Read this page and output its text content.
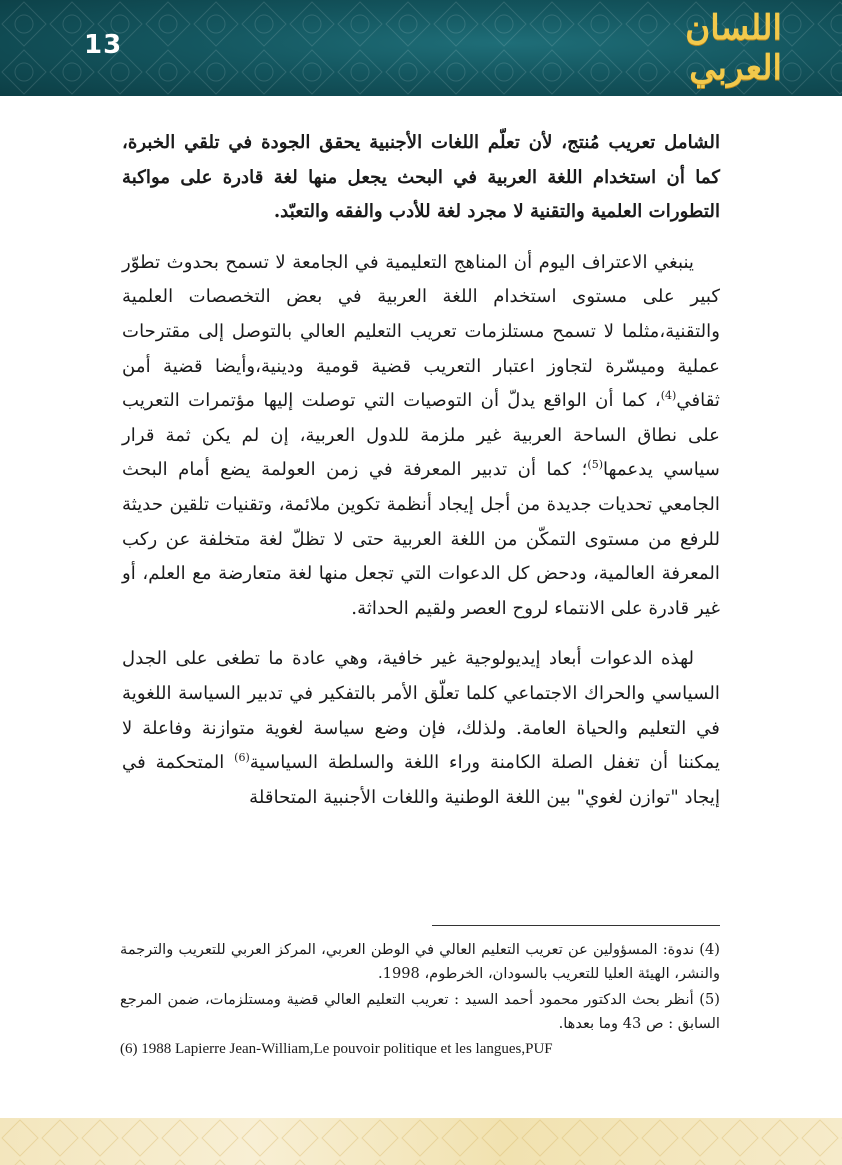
13	اللسان العربي

الشامل تعريب مُنتج، لأن تعلّم اللغات الأجنبية يحقق الجودة في تلقي الخبرة، كما أن استخدام اللغة العربية في البحث يجعل منها لغة قادرة على مواكبة التطورات العلمية والتقنية لا مجرد لغة للأدب والفقه والتعبّد.

ينبغي الاعتراف اليوم أن المناهج التعليمية في الجامعة لا تسمح بحدوث تطوّر كبير على مستوى استخدام اللغة العربية في بعض التخصصات العلمية والتقنية،مثلما لا تسمح مستلزمات تعريب التعليم العالي بالتوصل إلى مقترحات عملية وميسّرة لتجاوز اعتبار التعريب قضية قومية ودينية،وأيضا قضية أمن ثقافي$^{(4)}$، كما أن الواقع يدلّ أن التوصيات التي توصلت إليها مؤتمرات التعريب على نطاق الساحة العربية غير ملزمة للدول العربية، إن لم يكن ثمة قرار سياسي يدعمها$^{(5)}$؛ كما أن تدبير المعرفة في زمن العولمة يضع أمام البحث الجامعي تحديات جديدة من أجل إيجاد أنظمة تكوين ملائمة، وتقنيات تلقين حديثة للرفع من مستوى التمكّن من اللغة العربية حتى لا تظلّ لغة متخلفة عن ركب المعرفة العالمية، ودحض كل الدعوات التي تجعل منها لغة متعارضة مع العلم، أو غير قادرة على الانتماء لروح العصر ولقيم الحداثة.

لهذه الدعوات أبعاد إيديولوجية غير خافية، وهي عادة ما تطغى على الجدل السياسي والحراك الاجتماعي كلما تعلّق الأمر بالتفكير في تدبير السياسة اللغوية في التعليم والحياة العامة. ولذلك، فإن وضع سياسة لغوية متوازنة وفاعلة لا يمكننا أن تغفل الصلة الكامنة وراء اللغة والسلطة السياسية$^{(6)}$ المتحكمة في إيجاد "توازن لغوي" بين اللغة الوطنية واللغات الأجنبية المتحاقلة

(4) ندوة: المسؤولين عن تعريب التعليم العالي في الوطن العربي، المركز العربي للتعريب والترجمة والنشر، الهيئة العليا للتعريب بالسودان، الخرطوم، 1998.

(5) أنظر بحث الدكتور محمود أحمد السيد : تعريب التعليم العالي قضية ومستلزمات، ضمن المرجع السابق : ص 43 وما بعدها.

(6) 1988 Lapierre Jean-William,Le pouvoir politique et les langues,PUF
